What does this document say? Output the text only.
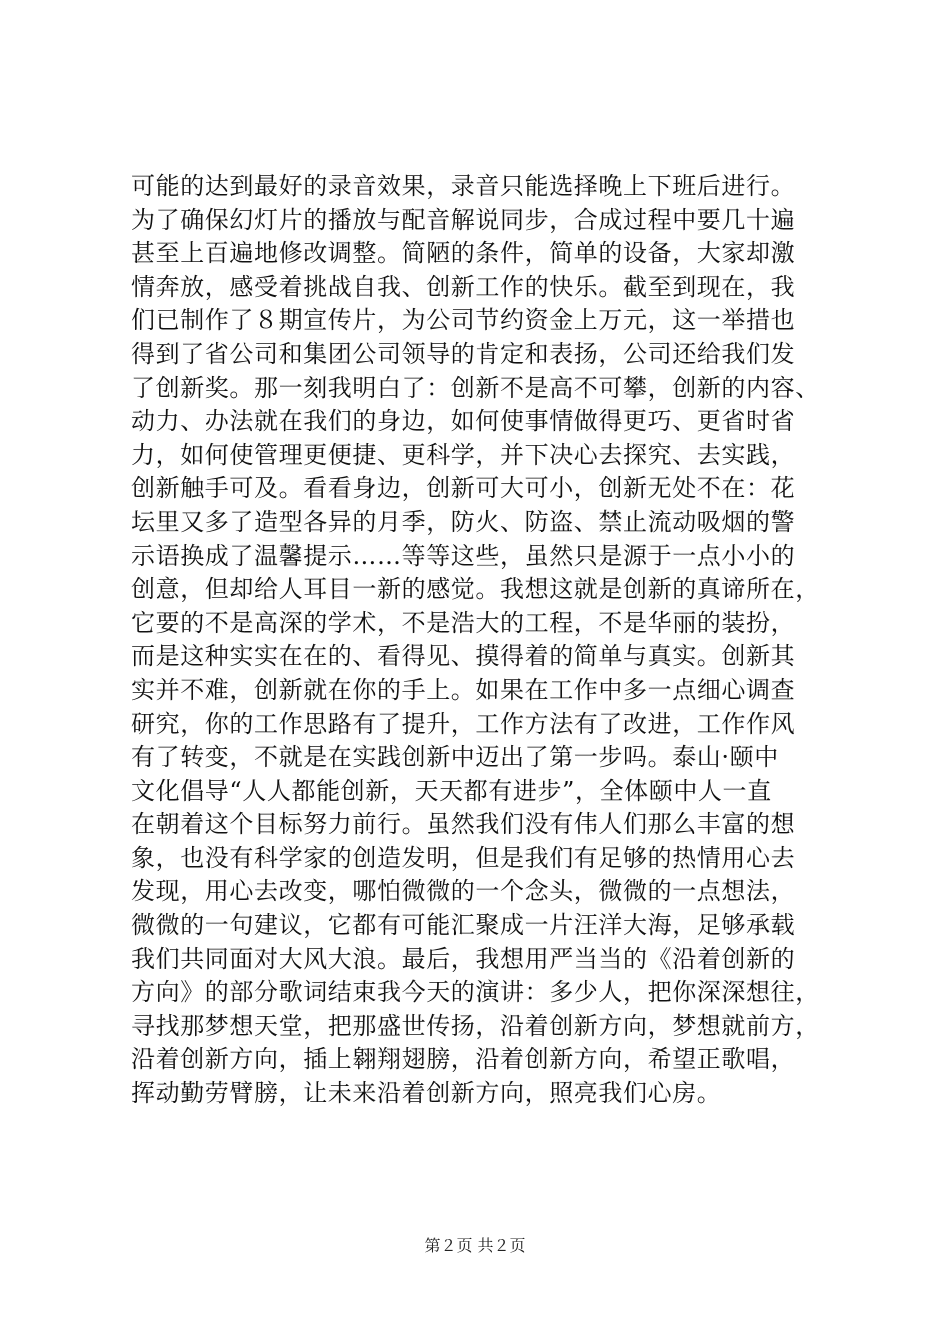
可能的达到最好的录音效果，录音只能选择晚上下班后进行。
为了确保幻灯片的播放与配音解说同步，合成过程中要几十遍
甚至上百遍地修改调整。简陋的条件，简单的设备，大家却激
情奔放，感受着挑战自我、创新工作的快乐。截至到现在，我
们已制作了８期宣传片，为公司节约资金上万元，这一举措也
得到了省公司和集团公司领导的肯定和表扬，公司还给我们发
了创新奖。那一刻我明白了：创新不是高不可攀，创新的内容、
动力、办法就在我们的身边，如何使事情做得更巧、更省时省
力，如何使管理更便捷、更科学，并下决心去探究、去实践，
创新触手可及。看看身边，创新可大可小，创新无处不在：花
坛里又多了造型各异的月季，防火、防盗、禁止流动吸烟的警
示语换成了温馨提示……等等这些，虽然只是源于一点小小的
创意，但却给人耳目一新的感觉。我想这就是创新的真谛所在，
它要的不是高深的学术，不是浩大的工程，不是华丽的装扮，
而是这种实实在在的、看得见、摸得着的简单与真实。创新其
实并不难，创新就在你的手上。如果在工作中多一点细心调查
研究，你的工作思路有了提升，工作方法有了改进，工作作风
有了转变，不就是在实践创新中迈出了第一步吗。泰山·颐中
文化倡导“人人都能创新，天天都有进步”，全体颐中人一直
在朝着这个目标努力前行。虽然我们没有伟人们那么丰富的想
象，也没有科学家的创造发明，但是我们有足够的热情用心去
发现，用心去改变，哪怕微微的一个念头，微微的一点想法，
微微的一句建议，它都有可能汇聚成一片汪洋大海，足够承载
我们共同面对大风大浪。最后，我想用严当当的《沿着创新的
方向》的部分歌词结束我今天的演讲：多少人，把你深深想往，
寻找那梦想天堂，把那盛世传扬，沿着创新方向，梦想就前方，
沿着创新方向，插上翱翔翅膀，沿着创新方向，希望正歌唱，
挥动勤劳臂膀，让未来沿着创新方向，照亮我们心房。
第２页 共２页
